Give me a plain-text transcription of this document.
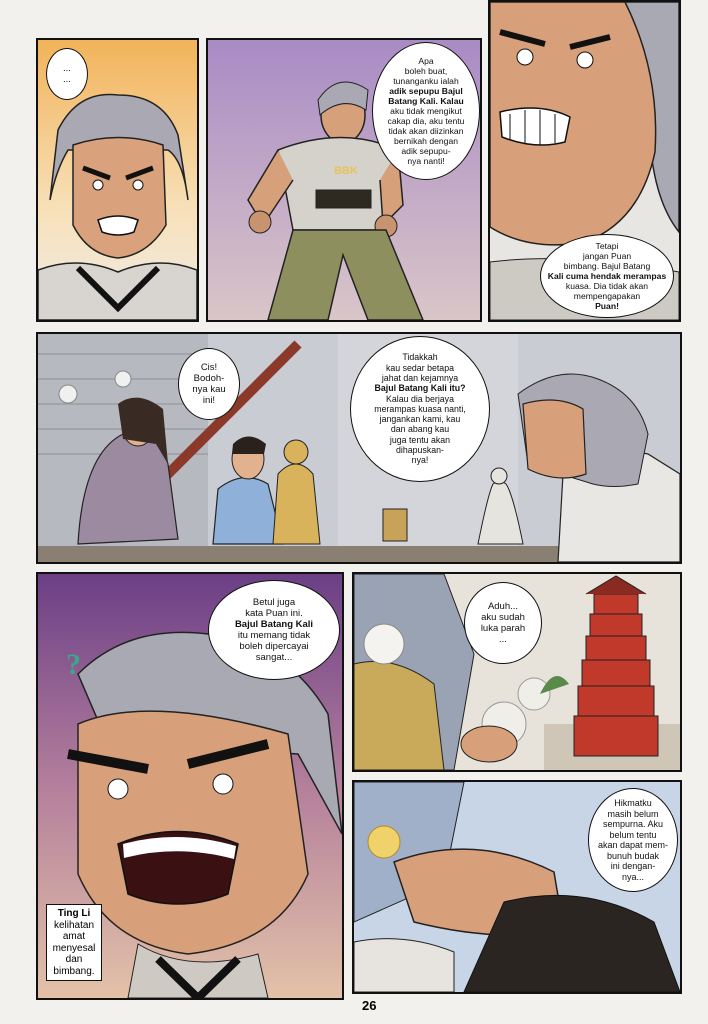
...
...
BBK
Apa
boleh buat,
tunanganku ialah
adik sepupu Bajul
Batang Kali. Kalau
aku tidak mengikut
cakap dia, aku tentu
tidak akan diizinkan
bernikah dengan
adik sepupu-
nya nanti!
Tetapi
jangan Puan
bimbang. Bajul Batang
Kali cuma hendak merampas
kuasa. Dia tidak akan
mempengapakan
Puan!
Cis!
Bodoh-
nya kau
ini!
Tidakkah
kau sedar betapa
jahat dan kejamnya
Bajul Batang Kali itu?
Kalau dia berjaya
merampas kuasa nanti,
jangankan kami, kau
dan abang kau
juga tentu akan
dihapuskan-
nya!
?
Betul juga
kata Puan ini.
Bajul Batang Kali
itu memang tidak
boleh dipercayai
sangat...
Ting Li
kelihatan
amat
menyesal
dan
bimbang.
Aduh...
aku sudah
luka parah
...
Hikmatku
masih belum
sempurna. Aku
belum tentu
akan dapat mem-
bunuh budak
ini dengan-
nya...
26
